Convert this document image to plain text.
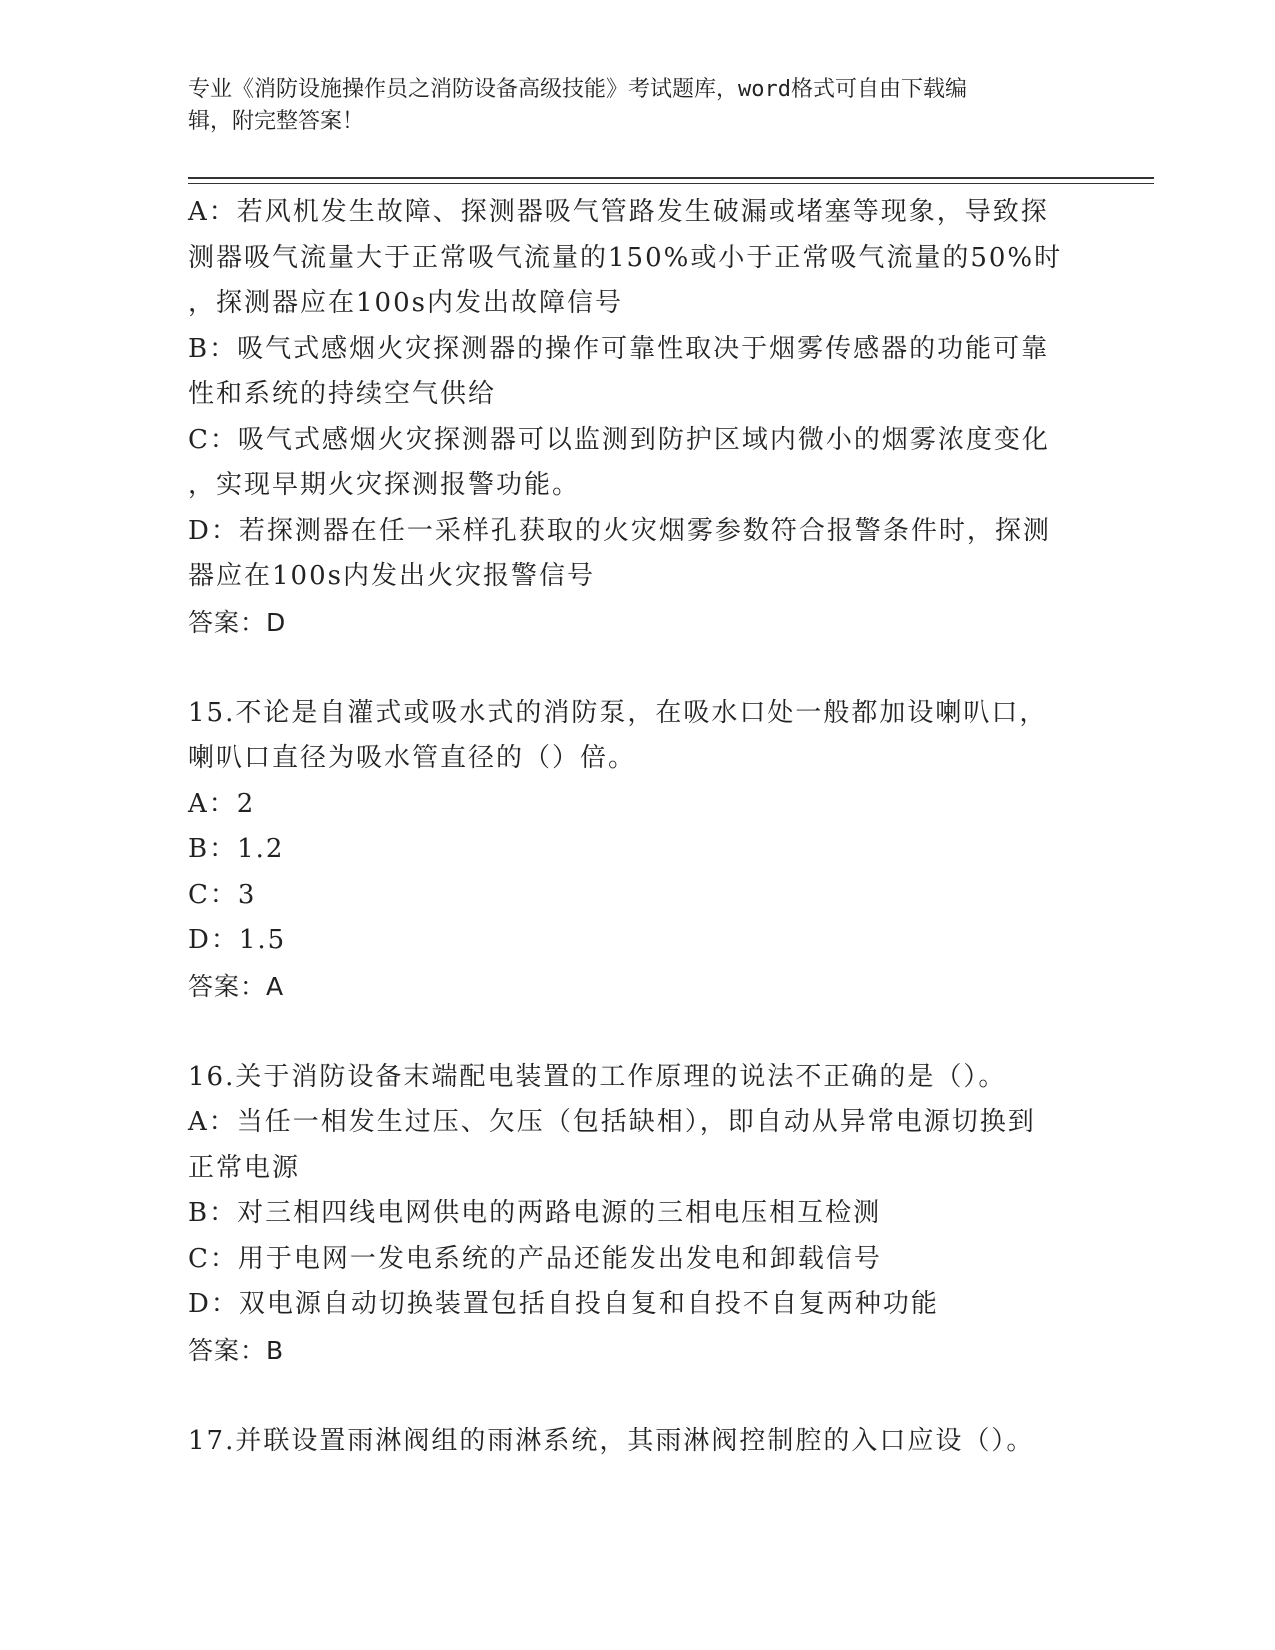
专业《消防设施操作员之消防设备高级技能》考试题库，word格式可自由下载编
辑，附完整答案！
A：若风机发生故障、探测器吸气管路发生破漏或堵塞等现象，导致探
测器吸气流量大于正常吸气流量的150%或小于正常吸气流量的50%时
，探测器应在100s内发出故障信号
B：吸气式感烟火灾探测器的操作可靠性取决于烟雾传感器的功能可靠
性和系统的持续空气供给
C：吸气式感烟火灾探测器可以监测到防护区域内微小的烟雾浓度变化
，实现早期火灾探测报警功能。
D：若探测器在任一采样孔获取的火灾烟雾参数符合报警条件时，探测
器应在100s内发出火灾报警信号
答案：D
15.不论是自灌式或吸水式的消防泵，在吸水口处一般都加设喇叭口，
喇叭口直径为吸水管直径的（）倍。
A：2
B：1.2
C：3
D：1.5
答案：A
16.关于消防设备末端配电装置的工作原理的说法不正确的是（）。
A：当任一相发生过压、欠压（包括缺相），即自动从异常电源切换到
正常电源
B：对三相四线电网供电的两路电源的三相电压相互检测
C：用于电网一发电系统的产品还能发出发电和卸载信号
D：双电源自动切换装置包括自投自复和自投不自复两种功能
答案：B
17.并联设置雨淋阀组的雨淋系统，其雨淋阀控制腔的入口应设（）。
